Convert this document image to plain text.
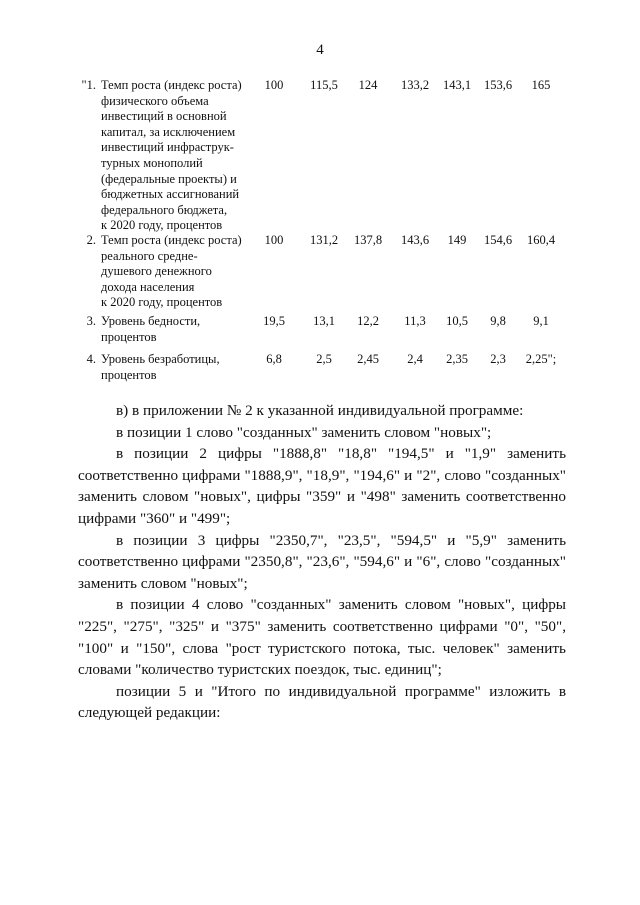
4
"1. Темп роста (индекс роста)
физического объема
инвестиций в основной
капитал, за исключением
инвестиций инфраструк-
турных монополий
(федеральные проекты) и
бюджетных ассигнований
федерального бюджета,
к 2020 году, процентов
100	115,5	124	133,2	143,1	153,6	165
2. Темп роста (индекс роста)
реального средне-
душевого денежного
дохода населения
к 2020 году, процентов
100	131,2	137,8	143,6	149	154,6	160,4
3. Уровень бедности,
процентов
19,5	13,1	12,2	11,3	10,5	9,8	9,1
4. Уровень безработицы,
процентов
6,8	2,5	2,45	2,4	2,35	2,3	2,25";

в) в приложении № 2 к указанной индивидуальной программе:

в позиции 1 слово "созданных" заменить словом "новых";

в позиции 2 цифры "1888,8" "18,8" "194,5" и "1,9" заменить соответственно цифрами "1888,9", "18,9", "194,6" и "2", слово "созданных" заменить словом "новых", цифры "359" и "498" заменить соответственно цифрами "360" и "499";

в позиции 3 цифры "2350,7", "23,5", "594,5" и "5,9" заменить соответственно цифрами "2350,8", "23,6", "594,6" и "6", слово "созданных" заменить словом "новых";

в позиции 4 слово "созданных" заменить словом "новых", цифры "225", "275", "325" и "375" заменить соответственно цифрами "0", "50", "100" и "150", слова "рост туристского потока, тыс. человек" заменить словами "количество туристских поездок, тыс. единиц";

позиции 5 и "Итого по индивидуальной программе" изложить в следующей редакции:
